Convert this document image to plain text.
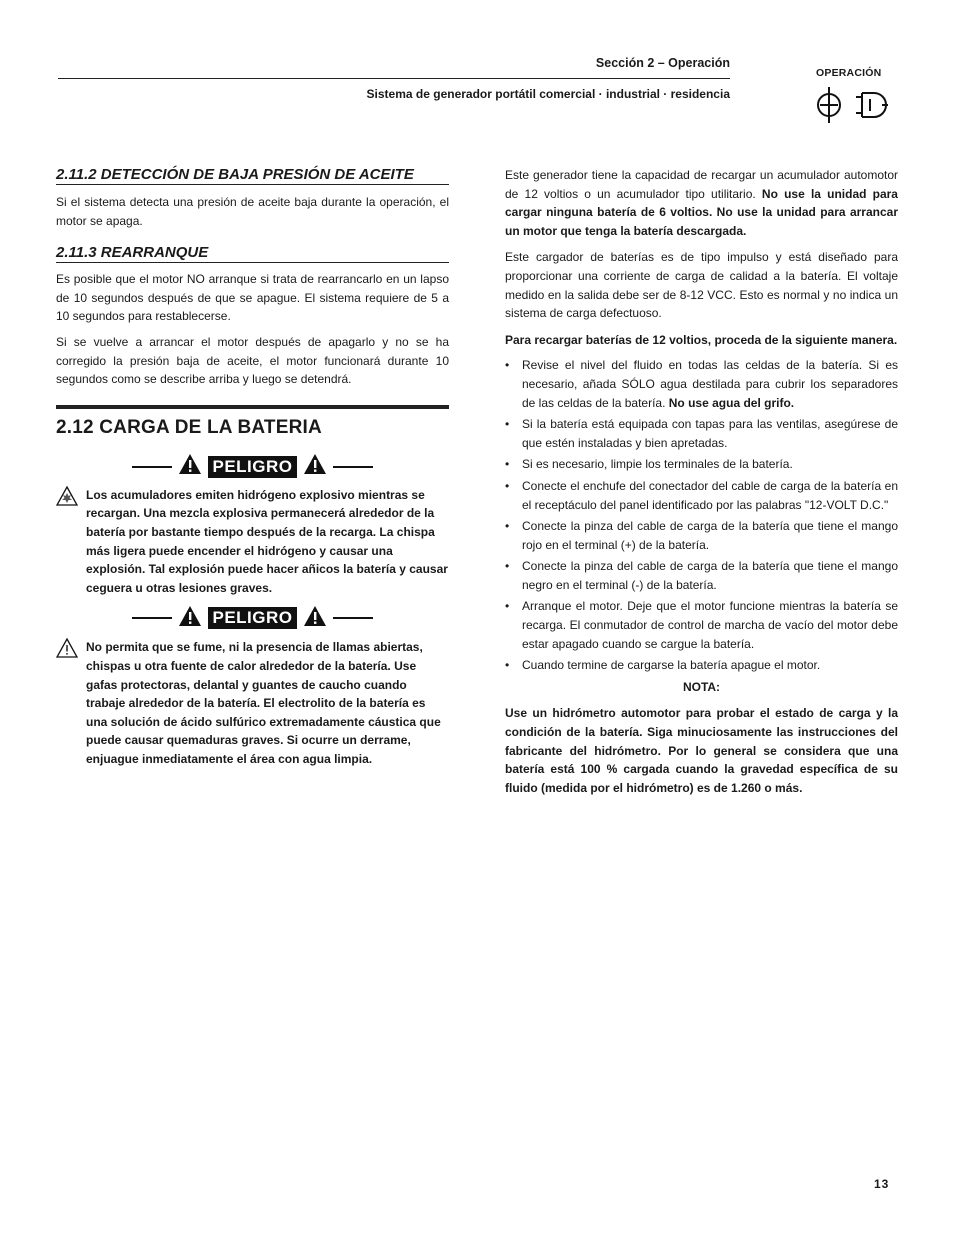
Sección 2 – Operación
Sistema de generador portátil comercial · industrial · residencia
OPERACIÓN
2.11.2 DETECCIÓN DE BAJA PRESIÓN DE ACEITE

Si el sistema detecta una presión de aceite baja durante la operación, el motor se apaga.

2.11.3 REARRANQUE

Es posible que el motor NO arranque si trata de rearrancarlo en un lapso de 10 segundos después de que se apague. El sistema requiere de 5 a 10 segundos para restablecerse.

Si se vuelve a arrancar el motor después de apagarlo y no se ha corregido la presión baja de aceite, el motor funcionará durante 10 segundos como se describe arriba y luego se detendrá.

2.12 CARGA DE LA BATERIA
PELIGRO

Los acumuladores emiten hidrógeno explosivo mientras se recargan. Una mezcla explosiva permanecerá alrededor de la batería por bastante tiempo después de la recarga. La chispa más ligera puede encender el hidrógeno y causar una explosión. Tal explosión puede hacer añicos la batería y causar ceguera u otras lesiones graves.

PELIGRO

No permita que se fume, ni la presencia de llamas abiertas, chispas u otra fuente de calor alrededor de la batería. Use gafas protectoras, delantal y guantes de caucho cuando trabaje alrededor de la batería. El electrolito de la batería es una solución de ácido sulfúrico extremadamente cáustica que puede causar quemaduras graves. Si ocurre un derrame, enjuague inmediatamente el área con agua limpia.

Este generador tiene la capacidad de recargar un acumulador automotor de 12 voltios o un acumulador tipo utilitario. No use la unidad para cargar ninguna batería de 6 voltios. No use la unidad para arrancar un motor que tenga la batería descargada.

Este cargador de baterías es de tipo impulso y está diseñado para proporcionar una corriente de carga de calidad a la batería. El voltaje medido en la salida debe ser de 8-12 VCC. Esto es normal y no indica un sistema de carga defectuoso.

Para recargar baterías de 12 voltios, proceda de la siguiente manera.

• Revise el nivel del fluido en todas las celdas de la batería. Si es necesario, añada SÓLO agua destilada para cubrir los separadores de las celdas de la batería. No use agua del grifo.
• Si la batería está equipada con tapas para las ventilas, asegúrese de que estén instaladas y bien apretadas.
• Si es necesario, limpie los terminales de la batería.
• Conecte el enchufe del conectador del cable de carga de la batería en el receptáculo del panel identificado por las palabras "12-VOLT D.C."
• Conecte la pinza del cable de carga de la batería que tiene el mango rojo en el terminal (+) de la batería.
• Conecte la pinza del cable de carga de la batería que tiene el mango negro en el terminal (-) de la batería.
• Arranque el motor. Deje que el motor funcione mientras la batería se recarga. El conmutador de control de marcha de vacío del motor debe estar apagado cuando se cargue la batería.
• Cuando termine de cargarse la batería apague el motor.

NOTA:

Use un hidrómetro automotor para probar el estado de carga y la condición de la batería. Siga minuciosamente las instrucciones del fabricante del hidrómetro. Por lo general se considera que una batería está 100 % cargada cuando la gravedad específica de su fluido (medida por el hidrómetro) es de 1.260 o más.

13
